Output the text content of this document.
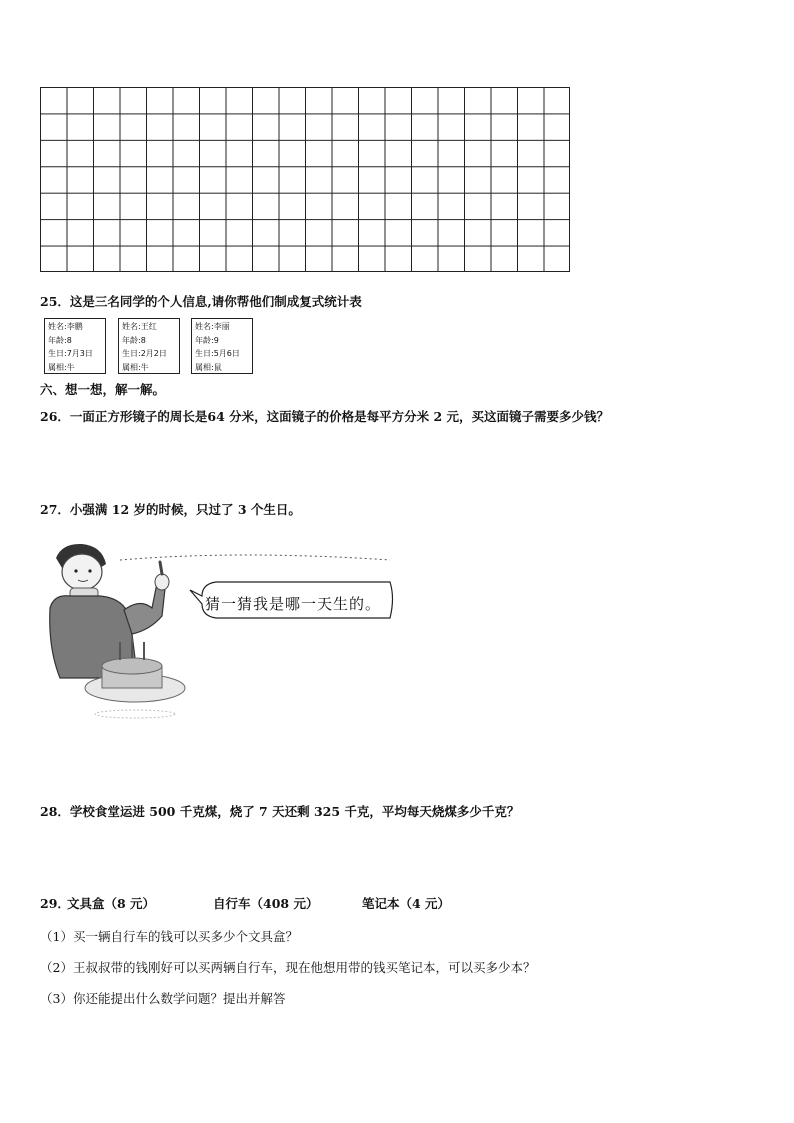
25．这是三名同学的个人信息,请你帮他们制成复式统计表
姓名:李鹏
年龄:8
生日:7月3日
属相:牛
姓名:王红
年龄:8
生日:2月2日
属相:牛
姓名:李丽
年龄:9
生日:5月6日
属相:鼠
六、想一想，解一解。
26．一面正方形镜子的周长是64 分米，这面镜子的价格是每平方分米 2 元，买这面镜子需要多少钱？
27．小强满 12 岁的时候，只过了 3 个生日。
猜一猜我是哪一天生的。
28．学校食堂运进 500 千克煤，烧了 7 天还剩 325 千克，平均每天烧煤多少千克？
29．
文具盒（8 元）	自行车（408 元）	笔记本（4 元）
（1）买一辆自行车的钱可以买多少个文具盒？
（2）王叔叔带的钱刚好可以买两辆自行车，现在他想用带的钱买笔记本，可以买多少本？
（3）你还能提出什么数学问题？提出并解答
